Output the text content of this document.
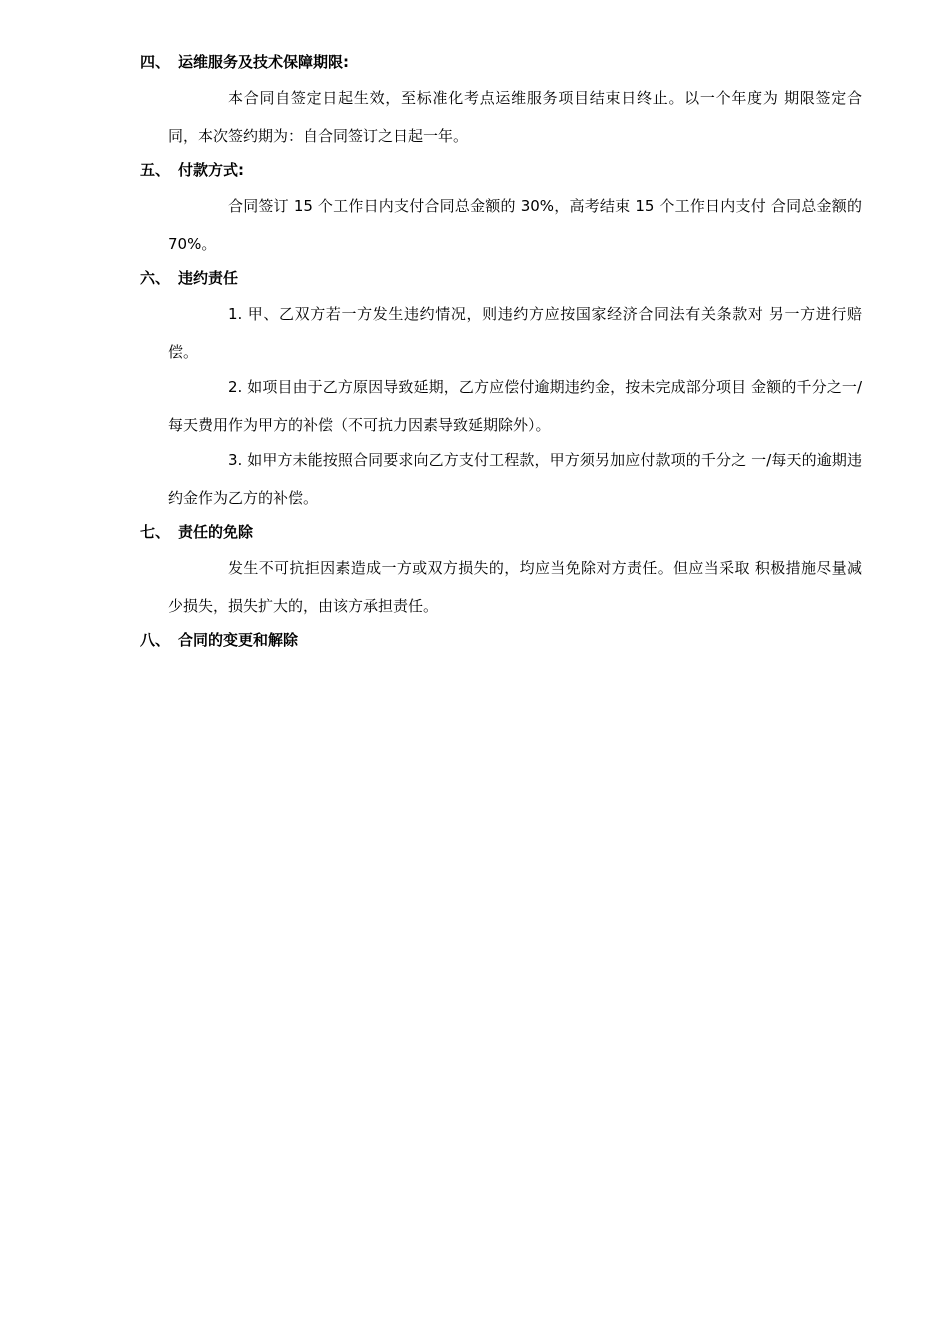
四、 运维服务及技术保障期限:

本合同自签定日起生效，至标准化考点运维服务项目结束日终止。以一个年度为 期限签定合同，本次签约期为：自合同签订之日起一年。

五、 付款方式:

合同签订 15 个工作日内支付合同总金额的 30%，高考结束 15 个工作日内支付 合同总金额的 70%。

六、 违约责任

1. 甲、乙双方若一方发生违约情况，则违约方应按国家经济合同法有关条款对 另一方进行赔偿。

2. 如项目由于乙方原因导致延期，乙方应偿付逾期违约金，按未完成部分项目 金额的千分之一/每天费用作为甲方的补偿（不可抗力因素导致延期除外）。

3. 如甲方未能按照合同要求向乙方支付工程款，甲方须另加应付款项的千分之 一/每天的逾期违约金作为乙方的补偿。

七、 责任的免除

发生不可抗拒因素造成一方或双方损失的，均应当免除对方责任。但应当采取 积极措施尽量减少损失，损失扩大的，由该方承担责任。

八、 合同的变更和解除
